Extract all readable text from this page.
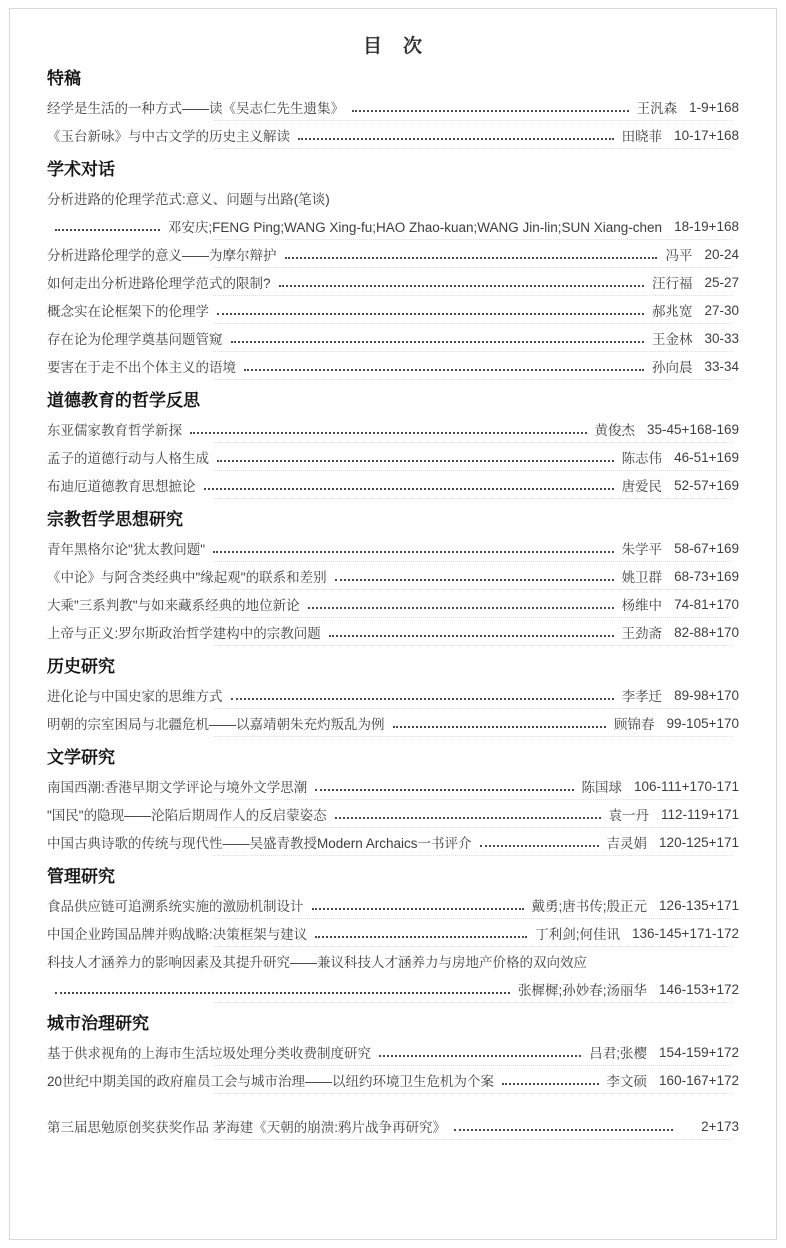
目　次
特稿
经学是生活的一种方式——读《吴志仁先生遗集》	王汎森 1-9+168
《玉台新咏》与中古文学的历史主义解读	田晓菲 10-17+168
学术对话
分析进路的伦理学范式:意义、问题与出路(笔谈)
邓安庆;FENG Ping;WANG Xing-fu;HAO Zhao-kuan;WANG Jin-lin;SUN Xiang-chen 18-19+168
分析进路伦理学的意义——为摩尔辩护	冯平 20-24
如何走出分析进路伦理学范式的限制?	汪行福 25-27
概念实在论框架下的伦理学	郝兆宽 27-30
存在论为伦理学奠基问题管窥	王金林 30-33
要害在于走不出个体主义的语境	孙向晨 33-34
道德教育的哲学反思
东亚儒家教育哲学新探	黄俊杰 35-45+168-169
孟子的道德行动与人格生成	陈志伟 46-51+169
布迪厄道德教育思想摭论	唐爱民 52-57+169
宗教哲学思想研究
青年黑格尔论"犹太教问题"	朱学平 58-67+169
《中论》与阿含类经典中"缘起观"的联系和差别	姚卫群 68-73+169
大乘"三系判教"与如来藏系经典的地位新论	杨维中 74-81+170
上帝与正义:罗尔斯政治哲学建构中的宗教问题	王劲斋 82-88+170
历史研究
进化论与中国史家的思维方式	李孝迁 89-98+170
明朝的宗室困局与北疆危机——以嘉靖朝朱充灼叛乱为例	顾锦春 99-105+170
文学研究
南国西潮:香港早期文学评论与境外文学思潮	陈国球 106-111+170-171
"国民"的隐现——沦陷后期周作人的反启蒙姿态	袁一丹 112-119+171
中国古典诗歌的传统与现代性——吴盛青教授Modern Archaics一书评介	吉灵娟 120-125+171
管理研究
食品供应链可追溯系统实施的激励机制设计	戴勇;唐书传;殷正元 126-135+171
中国企业跨国品牌并购战略:决策框架与建议	丁利剑;何佳讯 136-145+171-172
科技人才涵养力的影响因素及其提升研究——兼议科技人才涵养力与房地产价格的双向效应
张樨樨;孙妙春;汤丽华 146-153+172
城市治理研究
基于供求视角的上海市生活垃圾处理分类收费制度研究	吕君;张樱 154-159+172
20世纪中期美国的政府雇员工会与城市治理——以纽约环境卫生危机为个案	李文硕 160-167+172
第三届思勉原创奖获奖作品 茅海建《天朝的崩溃:鸦片战争再研究》	2+173
